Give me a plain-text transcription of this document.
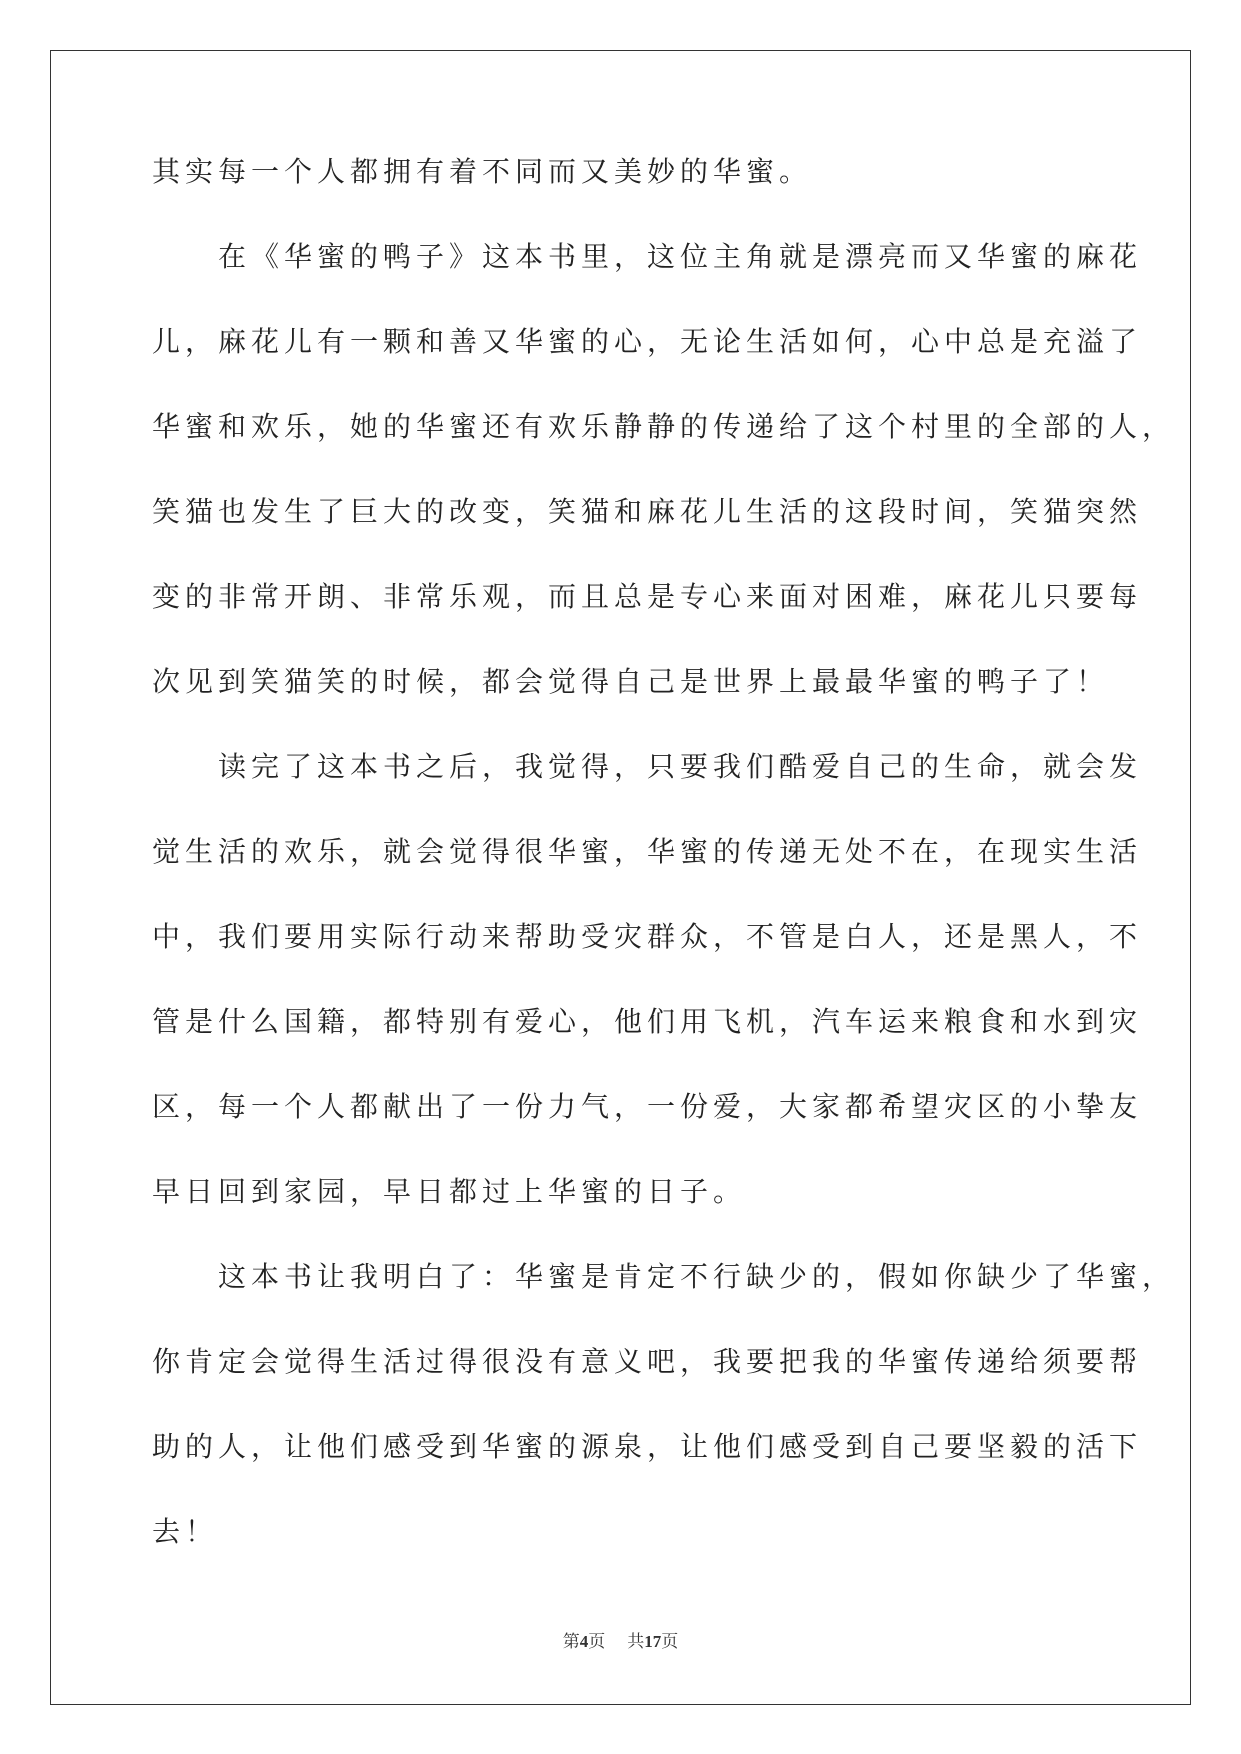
其实每一个人都拥有着不同而又美妙的华蜜。
　　在《华蜜的鸭子》这本书里，这位主角就是漂亮而又华蜜的麻花
儿，麻花儿有一颗和善又华蜜的心，无论生活如何，心中总是充溢了
华蜜和欢乐，她的华蜜还有欢乐静静的传递给了这个村里的全部的人，
笑猫也发生了巨大的改变，笑猫和麻花儿生活的这段时间，笑猫突然
变的非常开朗、非常乐观，而且总是专心来面对困难，麻花儿只要每
次见到笑猫笑的时候，都会觉得自己是世界上最最华蜜的鸭子了！
　　读完了这本书之后，我觉得，只要我们酷爱自己的生命，就会发
觉生活的欢乐，就会觉得很华蜜，华蜜的传递无处不在，在现实生活
中，我们要用实际行动来帮助受灾群众，不管是白人，还是黑人，不
管是什么国籍，都特别有爱心，他们用飞机，汽车运来粮食和水到灾
区，每一个人都献出了一份力气，一份爱，大家都希望灾区的小挚友
早日回到家园，早日都过上华蜜的日子。
　　这本书让我明白了：华蜜是肯定不行缺少的，假如你缺少了华蜜，
你肯定会觉得生活过得很没有意义吧，我要把我的华蜜传递给须要帮
助的人，让他们感受到华蜜的源泉，让他们感受到自己要坚毅的活下
去！
第4页 共17页
